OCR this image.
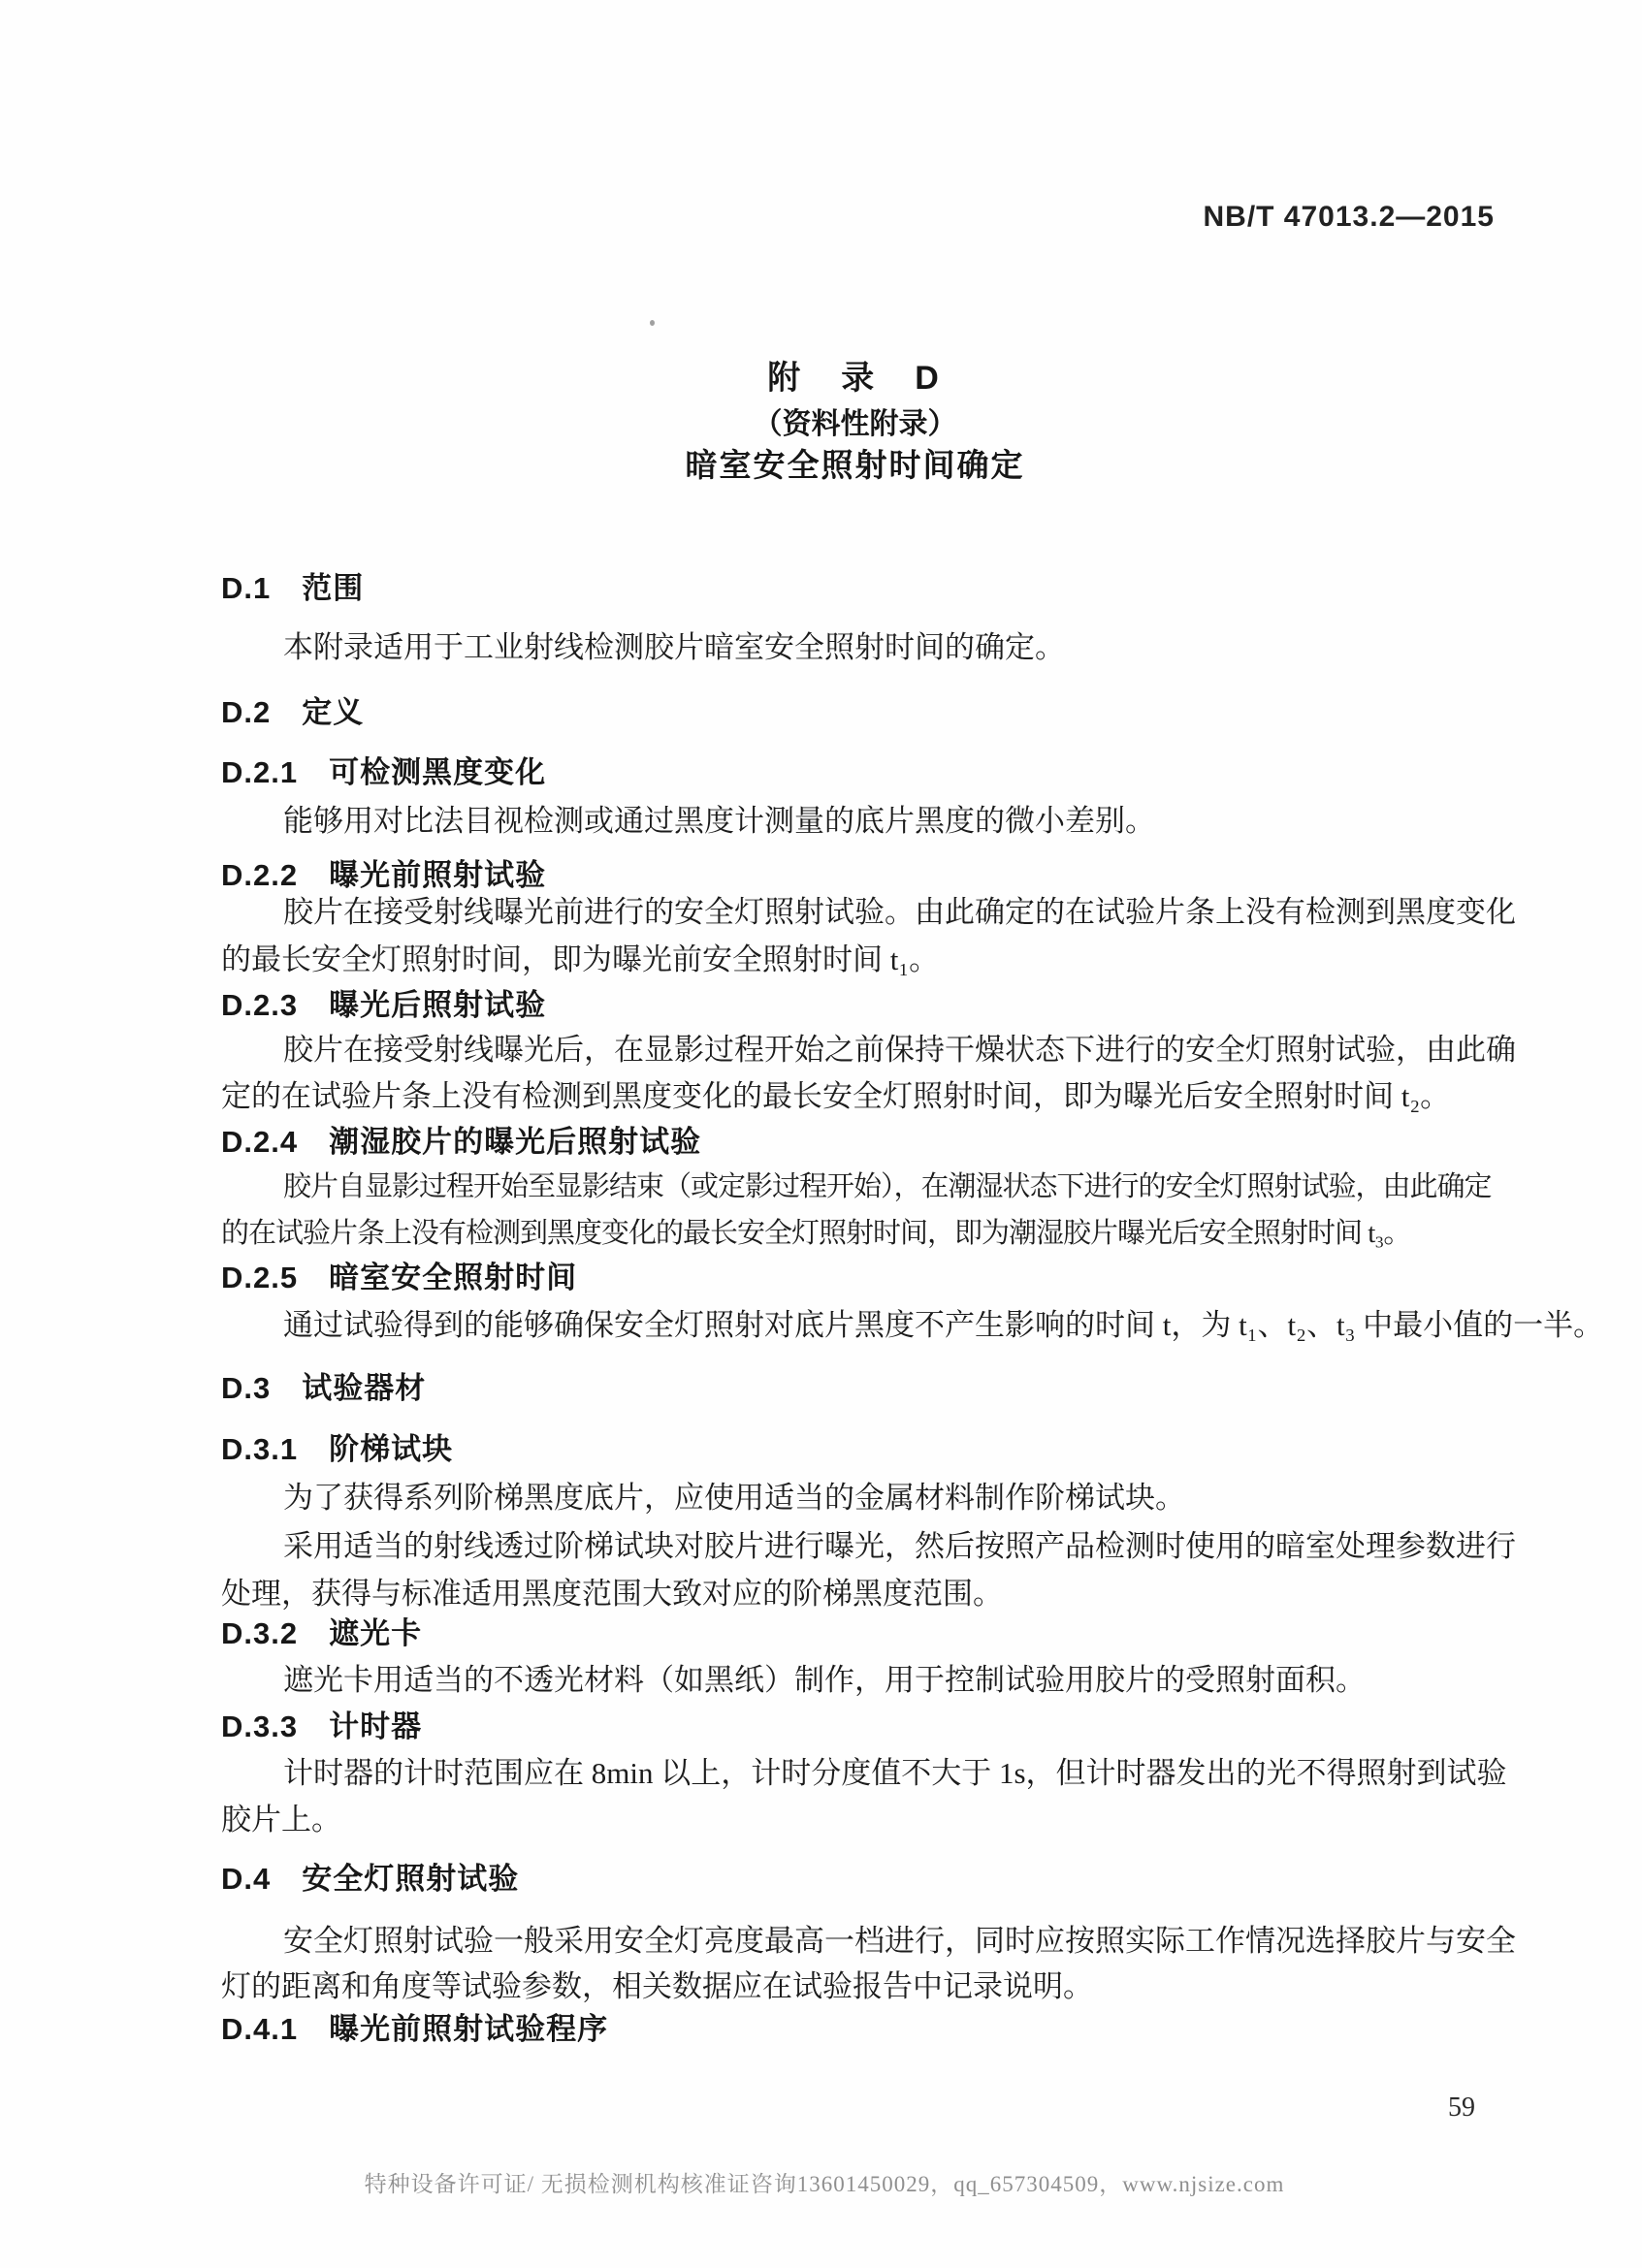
NB/T 47013.2—2015
附　录　D
（资料性附录）
暗室安全照射时间确定
D.1　范围
本附录适用于工业射线检测胶片暗室安全照射时间的确定。
D.2　定义
D.2.1　可检测黑度变化
能够用对比法目视检测或通过黑度计测量的底片黑度的微小差别。
D.2.2　曝光前照射试验
胶片在接受射线曝光前进行的安全灯照射试验。由此确定的在试验片条上没有检测到黑度变化
的最长安全灯照射时间，即为曝光前安全照射时间 t₁。
D.2.3　曝光后照射试验
胶片在接受射线曝光后，在显影过程开始之前保持干燥状态下进行的安全灯照射试验，由此确
定的在试验片条上没有检测到黑度变化的最长安全灯照射时间，即为曝光后安全照射时间 t₂。
D.2.4　潮湿胶片的曝光后照射试验
胶片自显影过程开始至显影结束（或定影过程开始），在潮湿状态下进行的安全灯照射试验，由此确定
的在试验片条上没有检测到黑度变化的最长安全灯照射时间，即为潮湿胶片曝光后安全照射时间 t₃。
D.2.5　暗室安全照射时间
通过试验得到的能够确保安全灯照射对底片黑度不产生影响的时间 t，为 t₁、t₂、t₃ 中最小值的一半。
D.3　试验器材
D.3.1　阶梯试块
为了获得系列阶梯黑度底片，应使用适当的金属材料制作阶梯试块。
采用适当的射线透过阶梯试块对胶片进行曝光，然后按照产品检测时使用的暗室处理参数进行
处理，获得与标准适用黑度范围大致对应的阶梯黑度范围。
D.3.2　遮光卡
遮光卡用适当的不透光材料（如黑纸）制作，用于控制试验用胶片的受照射面积。
D.3.3　计时器
计时器的计时范围应在 8min 以上，计时分度值不大于 1s，但计时器发出的光不得照射到试验
胶片上。
D.4　安全灯照射试验
安全灯照射试验一般采用安全灯亮度最高一档进行，同时应按照实际工作情况选择胶片与安全
灯的距离和角度等试验参数，相关数据应在试验报告中记录说明。
D.4.1　曝光前照射试验程序
59
特种设备许可证/ 无损检测机构核准证咨询13601450029，qq_657304509，www.njsize.com
